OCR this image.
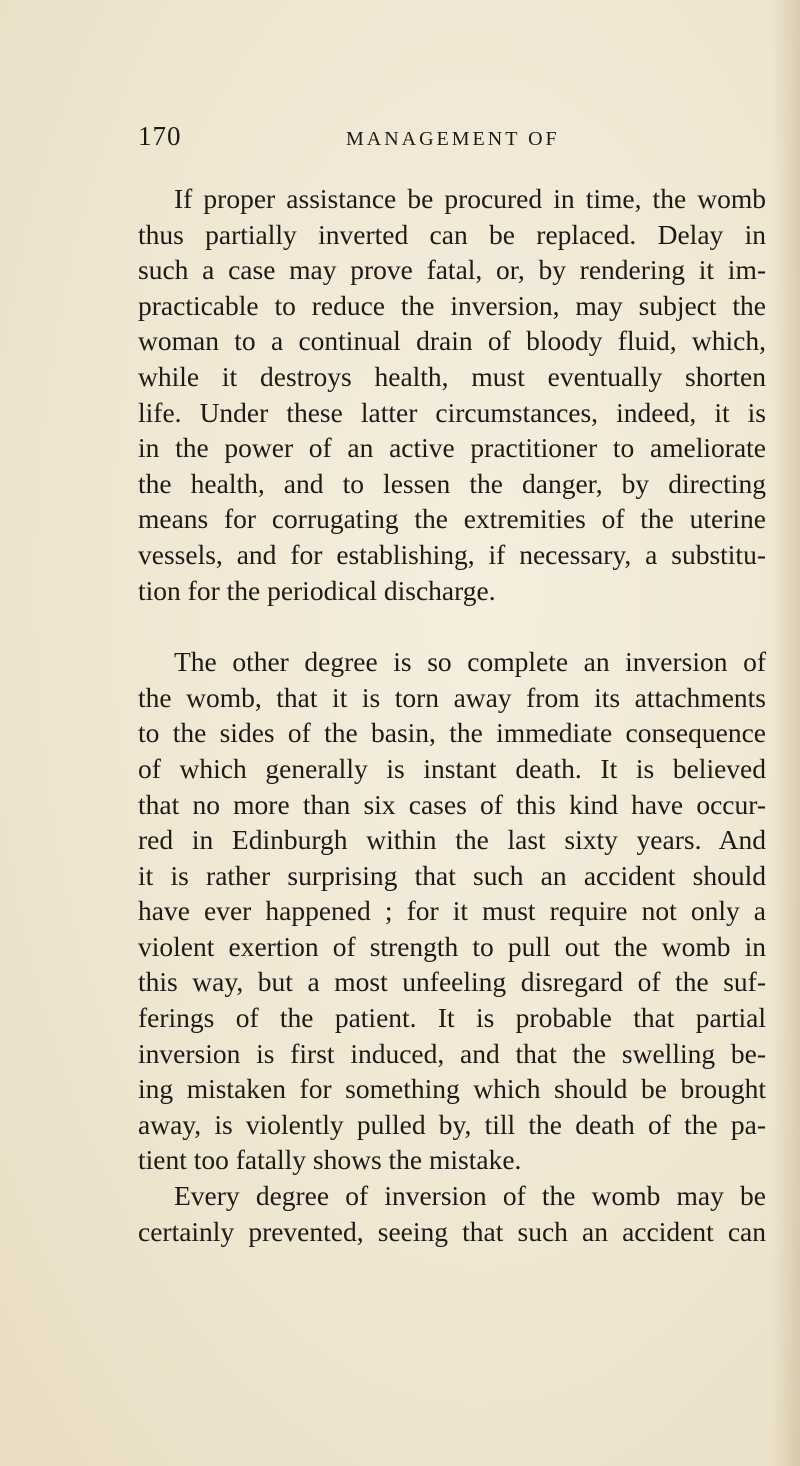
170	MANAGEMENT OF
If proper assistance be procured in time, the womb
thus partially inverted can be replaced. Delay in
such a case may prove fatal, or, by rendering it im-
practicable to reduce the inversion, may subject the
woman to a continual drain of bloody fluid, which,
while it destroys health, must eventually shorten
life. Under these latter circumstances, indeed, it is
in the power of an active practitioner to ameliorate
the health, and to lessen the danger, by directing
means for corrugating the extremities of the uterine
vessels, and for establishing, if necessary, a substitu-
tion for the periodical discharge.
The other degree is so complete an inversion of
the womb, that it is torn away from its attachments
to the sides of the basin, the immediate consequence
of which generally is instant death. It is believed
that no more than six cases of this kind have occur-
red in Edinburgh within the last sixty years. And
it is rather surprising that such an accident should
have ever happened ; for it must require not only a
violent exertion of strength to pull out the womb in
this way, but a most unfeeling disregard of the suf-
ferings of the patient. It is probable that partial
inversion is first induced, and that the swelling be-
ing mistaken for something which should be brought
away, is violently pulled by, till the death of the pa-
tient too fatally shows the mistake.
Every degree of inversion of the womb may be
certainly prevented, seeing that such an accident can
